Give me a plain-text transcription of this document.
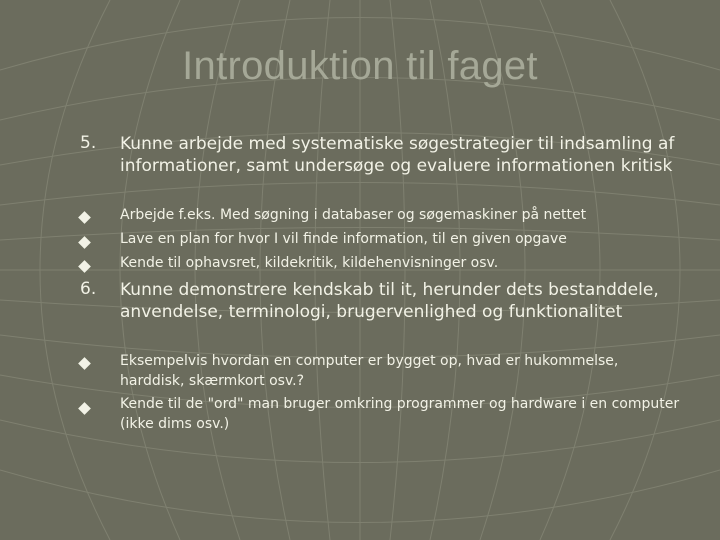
Introduktion til faget
5. Kunne arbejde med systematiske søgestrategier til indsamling af informationer, samt undersøge og evaluere informationen kritisk
Arbejde f.eks. Med søgning i databaser og søgemaskiner på nettet
Lave en plan for hvor I vil finde information, til en given opgave
Kende til ophavsret, kildekritik, kildehenvisninger osv.
6. Kunne demonstrere kendskab til it, herunder dets bestanddele, anvendelse, terminologi, brugervenlighed og funktionalitet
Eksempelvis hvordan en computer er bygget op, hvad er hukommelse, harddisk, skærmkort osv.?
Kende til de "ord" man bruger omkring programmer og hardware i en computer (ikke dims osv.)
